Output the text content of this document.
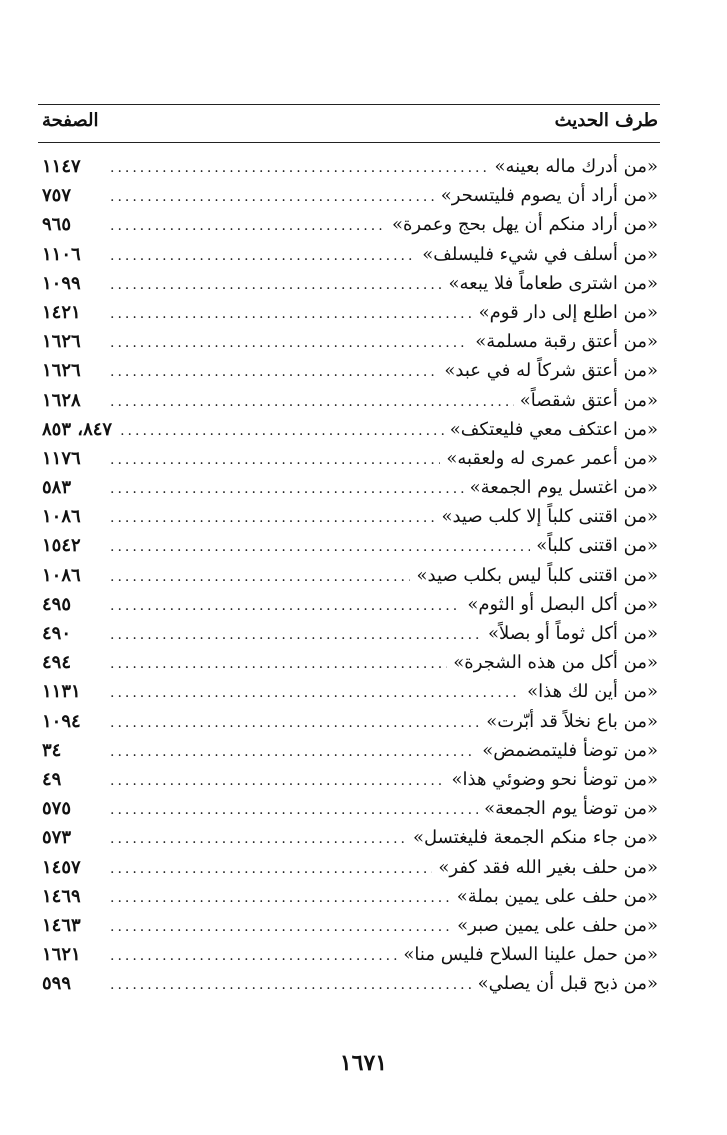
طرف الحديث
الصفحة
«من أدرك ماله بعينه»
.....
١١٤٧
«من أراد أن يصوم فليتسحر»
.....
٧٥٧
«من أراد منكم أن يهل بحج وعمرة»
.....
٩٦٥
«من أسلف في شيء فليسلف»
.....
١١٠٦
«من اشترى طعاماً فلا يبعه»
.....
١٠٩٩
«من اطلع إلى دار قوم»
.....
١٤٢١
«من أعتق رقبة مسلمة»
.....
١٦٢٦
«من أعتق شركاً له في عبد»
.....
١٦٢٦
«من أعتق شقصاً»
.....
١٦٢٨
«من اعتكف معي فليعتكف»
.....
٨٤٧، ٨٥٣
«من أعمر عمرى له ولعقبه»
.....
١١٧٦
«من اغتسل يوم الجمعة»
.....
٥٨٣
«من اقتنى كلباً إلا كلب صيد»
.....
١٠٨٦
«من اقتنى كلباً»
.....
١٥٤٢
«من اقتنى كلباً ليس بكلب صيد»
.....
١٠٨٦
«من أكل البصل أو الثوم»
.....
٤٩٥
«من أكل ثوماً أو بصلاً»
.....
٤٩٠
«من أكل من هذه الشجرة»
.....
٤٩٤
«من أين لك هذا»
.....
١١٣١
«من باع نخلاً قد أبّرت»
.....
١٠٩٤
«من توضأ فليتمضمض»
.....
٣٤
«من توضأ نحو وضوئي هذا»
.....
٤٩
«من توضأ يوم الجمعة»
.....
٥٧٥
«من جاء منكم الجمعة فليغتسل»
.....
٥٧٣
«من حلف بغير الله فقد كفر»
.....
١٤٥٧
«من حلف على يمين بملة»
.....
١٤٦٩
«من حلف على يمين صبر»
.....
١٤٦٣
«من حمل علينا السلاح فليس منا»
.....
١٦٢١
«من ذبح قبل أن يصلي»
.....
٥٩٩
١٦٧١
